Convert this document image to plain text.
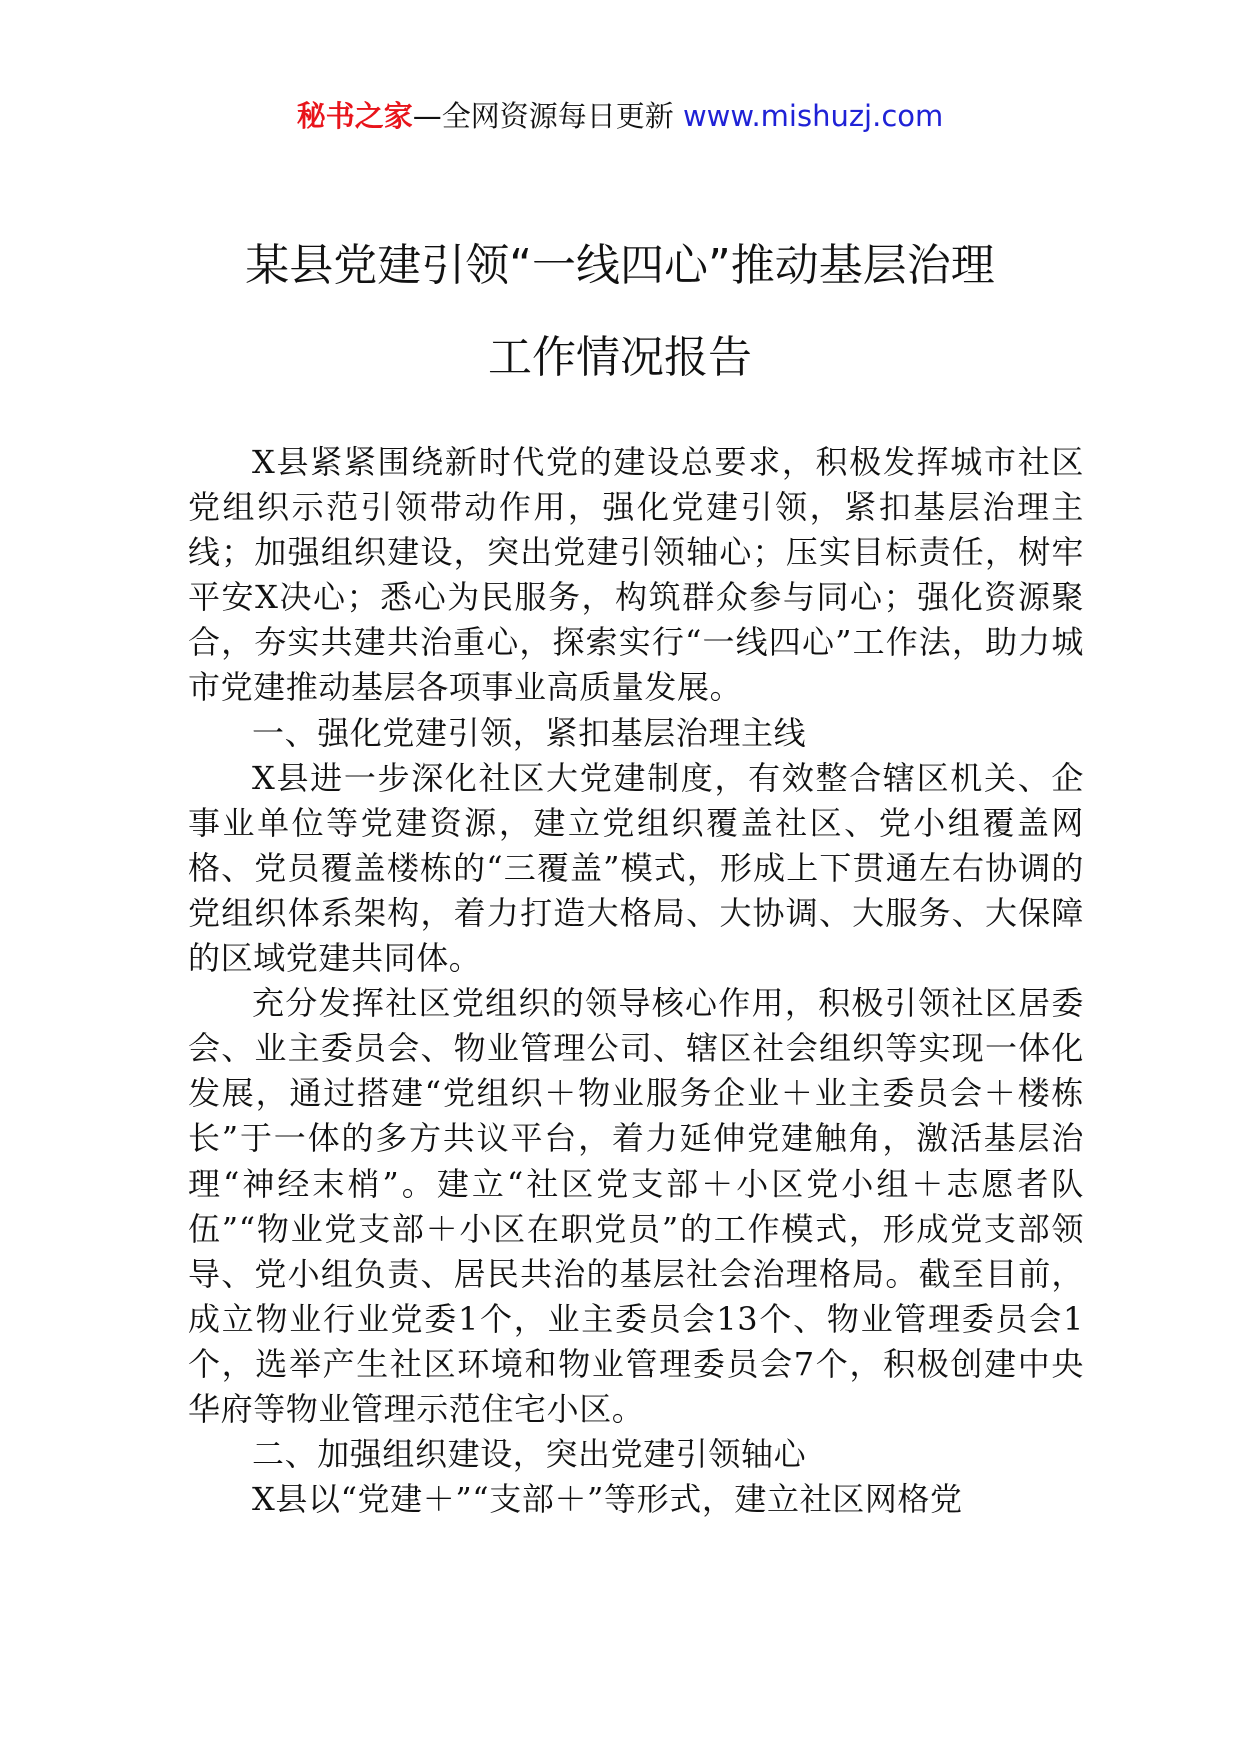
秘书之家—全网资源每日更新 www.mishuzj.com
某县党建引领“一线四心”推动基层治理
工作情况报告

X县紧紧围绕新时代党的建设总要求，积极发挥城市社区党组织示范引领带动作用，强化党建引领，紧扣基层治理主线；加强组织建设，突出党建引领轴心；压实目标责任，树牢平安X决心；悉心为民服务，构筑群众参与同心；强化资源聚合，夯实共建共治重心，探索实行“一线四心”工作法，助力城市党建推动基层各项事业高质量发展。

一、强化党建引领，紧扣基层治理主线

X县进一步深化社区大党建制度，有效整合辖区机关、企事业单位等党建资源，建立党组织覆盖社区、党小组覆盖网格、党员覆盖楼栋的“三覆盖”模式，形成上下贯通左右协调的党组织体系架构，着力打造大格局、大协调、大服务、大保障的区域党建共同体。

充分发挥社区党组织的领导核心作用，积极引领社区居委会、业主委员会、物业管理公司、辖区社会组织等实现一体化发展，通过搭建“党组织＋物业服务企业＋业主委员会＋楼栋长”于一体的多方共议平台，着力延伸党建触角，激活基层治理“神经末梢”。建立“社区党支部＋小区党小组＋志愿者队伍”“物业党支部＋小区在职党员”的工作模式，形成党支部领导、党小组负责、居民共治的基层社会治理格局。截至目前，成立物业行业党委1个，业主委员会13个、物业管理委员会1个，选举产生社区环境和物业管理委员会7个，积极创建中央华府等物业管理示范住宅小区。

二、加强组织建设，突出党建引领轴心

X县以“党建＋”“支部＋”等形式，建立社区网格党
